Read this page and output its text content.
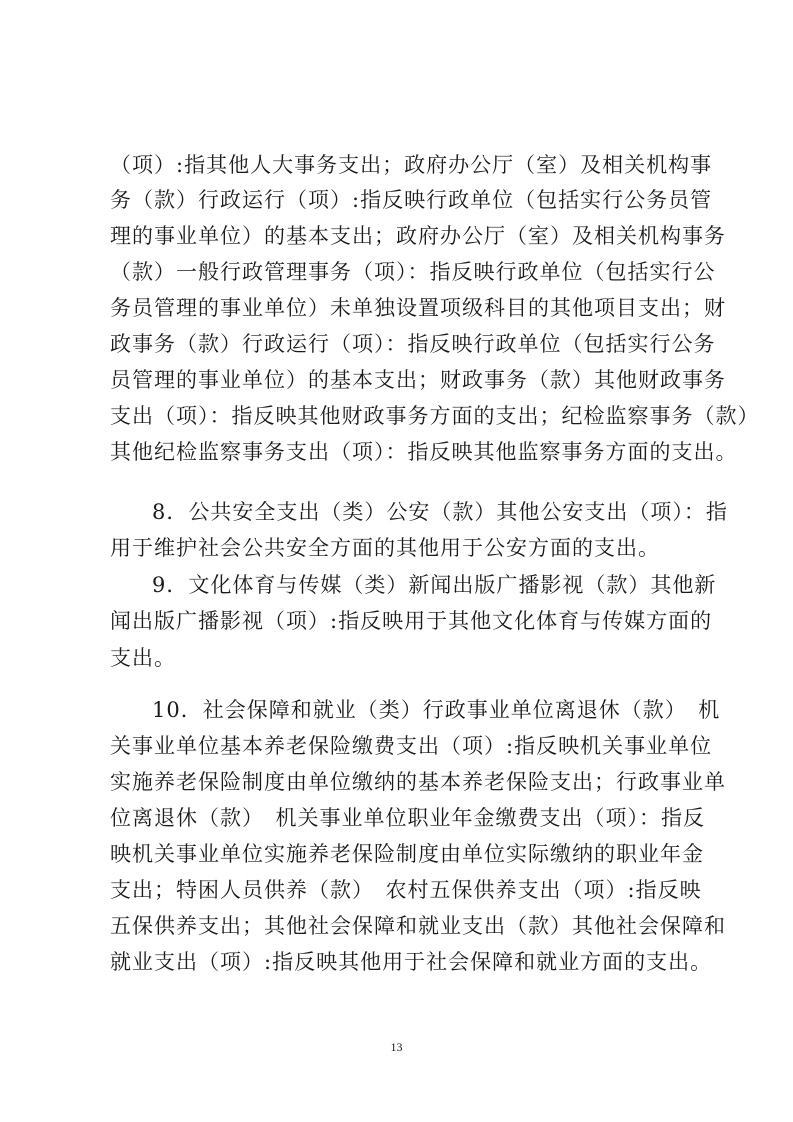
（项）:指其他人大事务支出；政府办公厅（室）及相关机构事
务（款）行政运行（项）:指反映行政单位（包括实行公务员管
理的事业单位）的基本支出；政府办公厅（室）及相关机构事务
（款）一般行政管理事务（项）：指反映行政单位（包括实行公
务员管理的事业单位）未单独设置项级科目的其他项目支出；财
政事务（款）行政运行（项）：指反映行政单位（包括实行公务
员管理的事业单位）的基本支出；财政事务（款）其他财政事务
支出（项）：指反映其他财政事务方面的支出；纪检监察事务（款）
其他纪检监察事务支出（项）：指反映其他监察事务方面的支出。
8．公共安全支出（类）公安（款）其他公安支出（项）：指
用于维护社会公共安全方面的其他用于公安方面的支出。
9．文化体育与传媒（类）新闻出版广播影视（款）其他新
闻出版广播影视（项）:指反映用于其他文化体育与传媒方面的
支出。
10．社会保障和就业（类）行政事业单位离退休（款）　机
关事业单位基本养老保险缴费支出（项）:指反映机关事业单位
实施养老保险制度由单位缴纳的基本养老保险支出；行政事业单
位离退休（款）　机关事业单位职业年金缴费支出（项）：指反
映机关事业单位实施养老保险制度由单位实际缴纳的职业年金
支出；特困人员供养（款）　农村五保供养支出（项）:指反映
五保供养支出；其他社会保障和就业支出（款）其他社会保障和
就业支出（项）:指反映其他用于社会保障和就业方面的支出。
13
